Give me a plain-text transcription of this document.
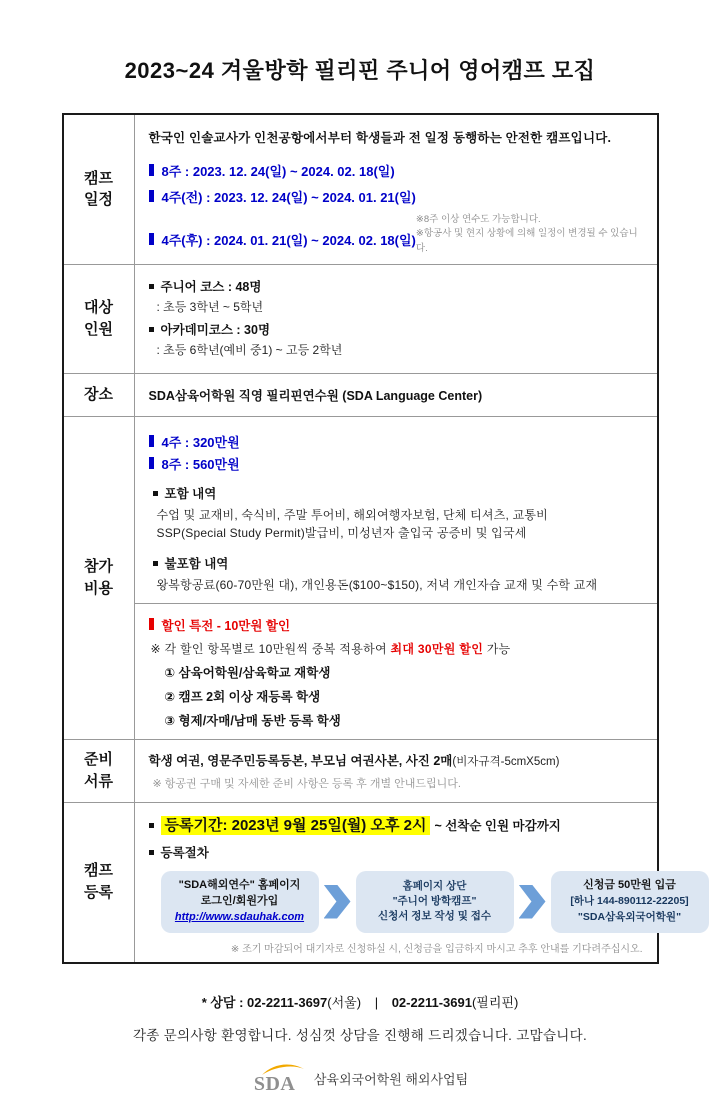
2023~24 겨울방학 필리핀 주니어 영어캠프 모집
캠프
일정
한국인 인솔교사가 인천공항에서부터 학생들과 전 일정 동행하는 안전한 캠프입니다.
8주 : 2023. 12. 24(일) ~ 2024. 02. 18(일)
4주(전) : 2023. 12. 24(일) ~ 2024. 01. 21(일)
4주(후) : 2024. 01. 21(일) ~ 2024. 02. 18(일)
※8주 이상 연수도 가능합니다.
※항공사 및 현지 상황에 의해 일정이 변경될 수 있습니다.
대상
인원
주니어 코스 : 48명
: 초등 3학년 ~ 5학년
아카데미코스 : 30명
: 초등 6학년(예비 중1) ~ 고등 2학년
장소	SDA삼육어학원 직영 필리핀연수원 (SDA Language Center)
참가
비용
4주 : 320만원
8주 : 560만원
포함 내역
수업 및 교재비, 숙식비, 주말 투어비, 해외여행자보험, 단체 티셔츠, 교통비
SSP(Special Study Permit)발급비, 미성년자 출입국 공증비 및 입국세
불포함 내역
왕복항공료(60-70만원 대), 개인용돈($100~$150), 저녁 개인자습 교재 및 수학 교재
할인 특전 - 10만원 할인
※ 각 할인 항목별로 10만원씩 중복 적용하여 최대 30만원 할인 가능
① 삼육어학원/삼육학교 재학생
② 캠프 2회 이상 재등록 학생
③ 형제/자매/남매 동반 등록 학생
준비
서류
학생 여권, 영문주민등록등본, 부모님 여권사본, 사진 2매(비자규격-5cmX5cm)
※ 항공권 구매 및 자세한 준비 사항은 등록 후 개별 안내드립니다.
캠프
등록
등록기간: 2023년 9월 25일(월) 오후 2시 ~ 선착순 인원 마감까지
등록절차
"SDA해외연수" 홈페이지
로그인/회원가입
http://www.sdauhak.com
홈페이지 상단
"주니어 방학캠프"
신청서 정보 작성 및 접수
신청금 50만원 입금
[하나 144-890112-22205]
"SDA삼육외국어학원"
※ 조기 마감되어 대기자로 신청하실 시, 신청금을 입금하지 마시고 추후 안내를 기다려주십시오.
* 상담 : 02-2211-3697(서울) | 02-2211-3691(필리핀)
각종 문의사항 환영합니다. 성심껏 상담을 진행해 드리겠습니다. 고맙습니다.
SDA 삼육외국어학원 해외사업팀
